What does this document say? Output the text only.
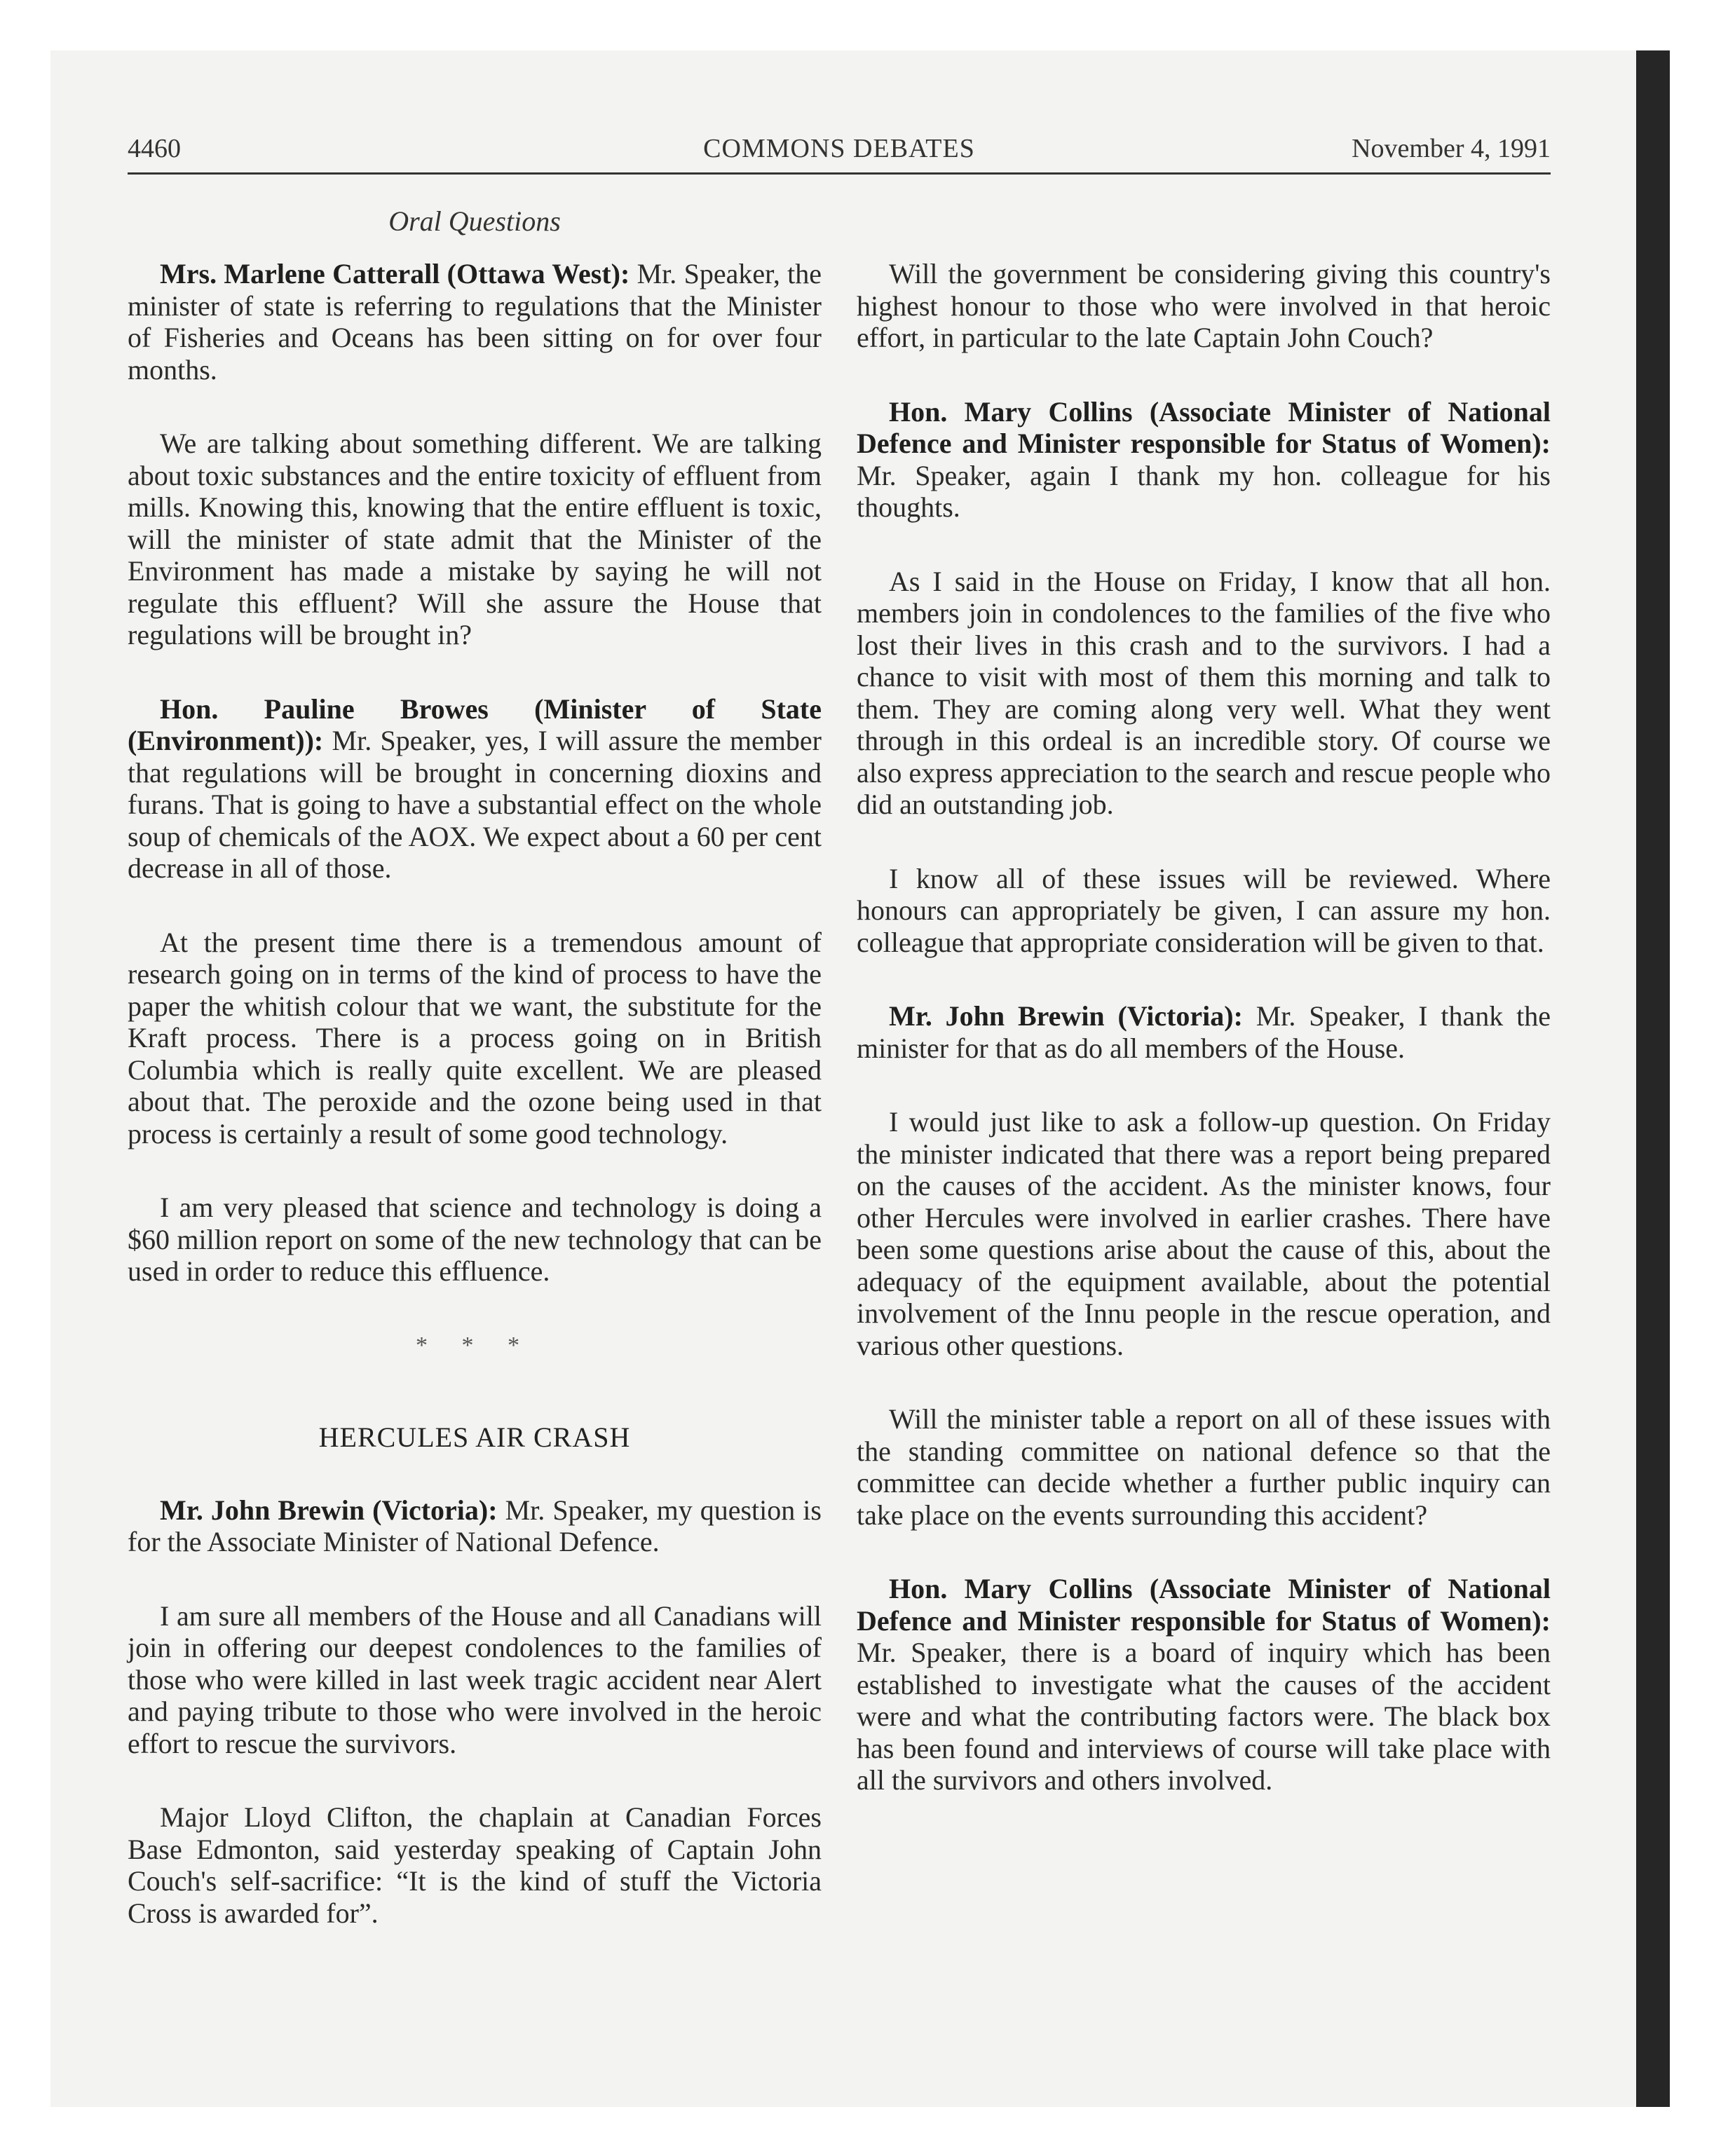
4460	COMMONS DEBATES	November 4, 1991
Oral Questions

Mrs. Marlene Catterall (Ottawa West): Mr. Speaker, the minister of state is referring to regulations that the Minister of Fisheries and Oceans has been sitting on for over four months.

We are talking about something different. We are talking about toxic substances and the entire toxicity of effluent from mills. Knowing this, knowing that the entire effluent is toxic, will the minister of state admit that the Minister of the Environment has made a mistake by saying he will not regulate this effluent? Will she assure the House that regulations will be brought in?

Hon. Pauline Browes (Minister of State (Environment)): Mr. Speaker, yes, I will assure the member that regulations will be brought in concerning dioxins and furans. That is going to have a substantial effect on the whole soup of chemicals of the AOX. We expect about a 60 per cent decrease in all of those.

At the present time there is a tremendous amount of research going on in terms of the kind of process to have the paper the whitish colour that we want, the substitute for the Kraft process. There is a process going on in British Columbia which is really quite excellent. We are pleased about that. The peroxide and the ozone being used in that process is certainly a result of some good technology.

I am very pleased that science and technology is doing a $60 million report on some of the new technology that can be used in order to reduce this effluence.

* * *
HERCULES AIR CRASH

Mr. John Brewin (Victoria): Mr. Speaker, my question is for the Associate Minister of National Defence.

I am sure all members of the House and all Canadians will join in offering our deepest condolences to the families of those who were killed in last week tragic accident near Alert and paying tribute to those who were involved in the heroic effort to rescue the survivors.

Major Lloyd Clifton, the chaplain at Canadian Forces Base Edmonton, said yesterday speaking of Captain John Couch's self-sacrifice: “It is the kind of stuff the Victoria Cross is awarded for”.

Will the government be considering giving this country's highest honour to those who were involved in that heroic effort, in particular to the late Captain John Couch?

Hon. Mary Collins (Associate Minister of National Defence and Minister responsible for Status of Women): Mr. Speaker, again I thank my hon. colleague for his thoughts.

As I said in the House on Friday, I know that all hon. members join in condolences to the families of the five who lost their lives in this crash and to the survivors. I had a chance to visit with most of them this morning and talk to them. They are coming along very well. What they went through in this ordeal is an incredible story. Of course we also express appreciation to the search and rescue people who did an outstanding job.

I know all of these issues will be reviewed. Where honours can appropriately be given, I can assure my hon. colleague that appropriate consideration will be given to that.

Mr. John Brewin (Victoria): Mr. Speaker, I thank the minister for that as do all members of the House.

I would just like to ask a follow-up question. On Friday the minister indicated that there was a report being prepared on the causes of the accident. As the minister knows, four other Hercules were involved in earlier crashes. There have been some questions arise about the cause of this, about the adequacy of the equipment available, about the potential involvement of the Innu people in the rescue operation, and various other questions.

Will the minister table a report on all of these issues with the standing committee on national defence so that the committee can decide whether a further public inquiry can take place on the events surrounding this accident?

Hon. Mary Collins (Associate Minister of National Defence and Minister responsible for Status of Women): Mr. Speaker, there is a board of inquiry which has been established to investigate what the causes of the accident were and what the contributing factors were. The black box has been found and interviews of course will take place with all the survivors and others involved.
